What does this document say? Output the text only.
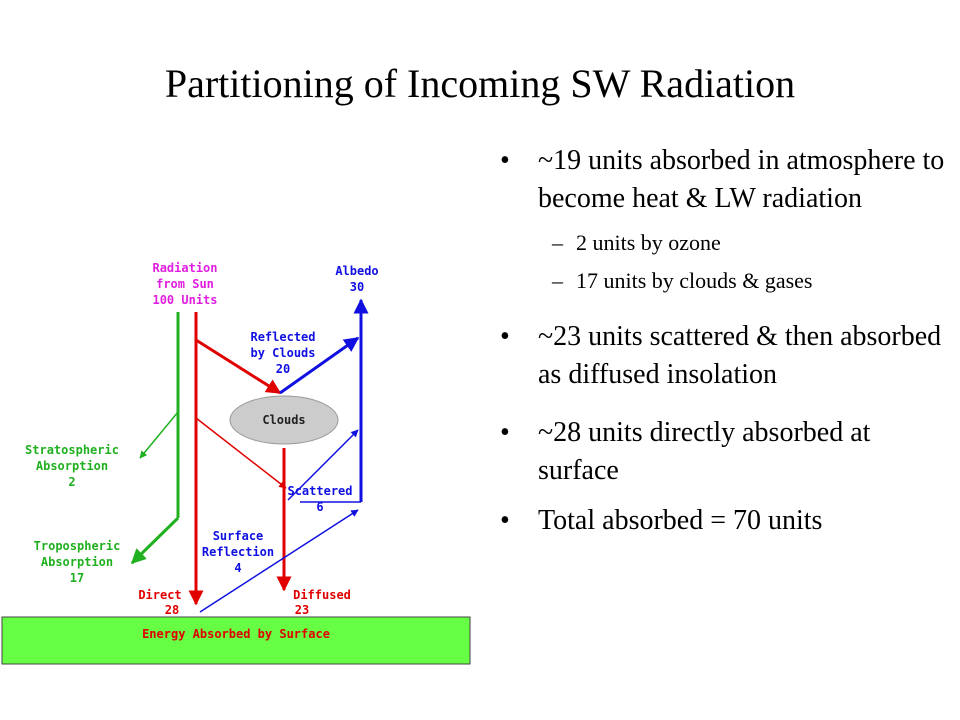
Partitioning of Incoming SW Radiation
Clouds
Radiation
from Sun
100 Units
Albedo
30
Reflected
by Clouds
20
Stratospheric
Absorption
2
Scattered
6
Tropospheric
Absorption
17
Surface
Reflection
4
Direct
28
Diffused
23
Energy Absorbed by Surface
• ~19 units absorbed in atmosphere to become heat & LW radiation
– 2 units by ozone
– 17 units by clouds & gases
• ~23 units scattered & then absorbed as diffused insolation
• ~28 units directly absorbed at surface
• Total absorbed = 70 units
